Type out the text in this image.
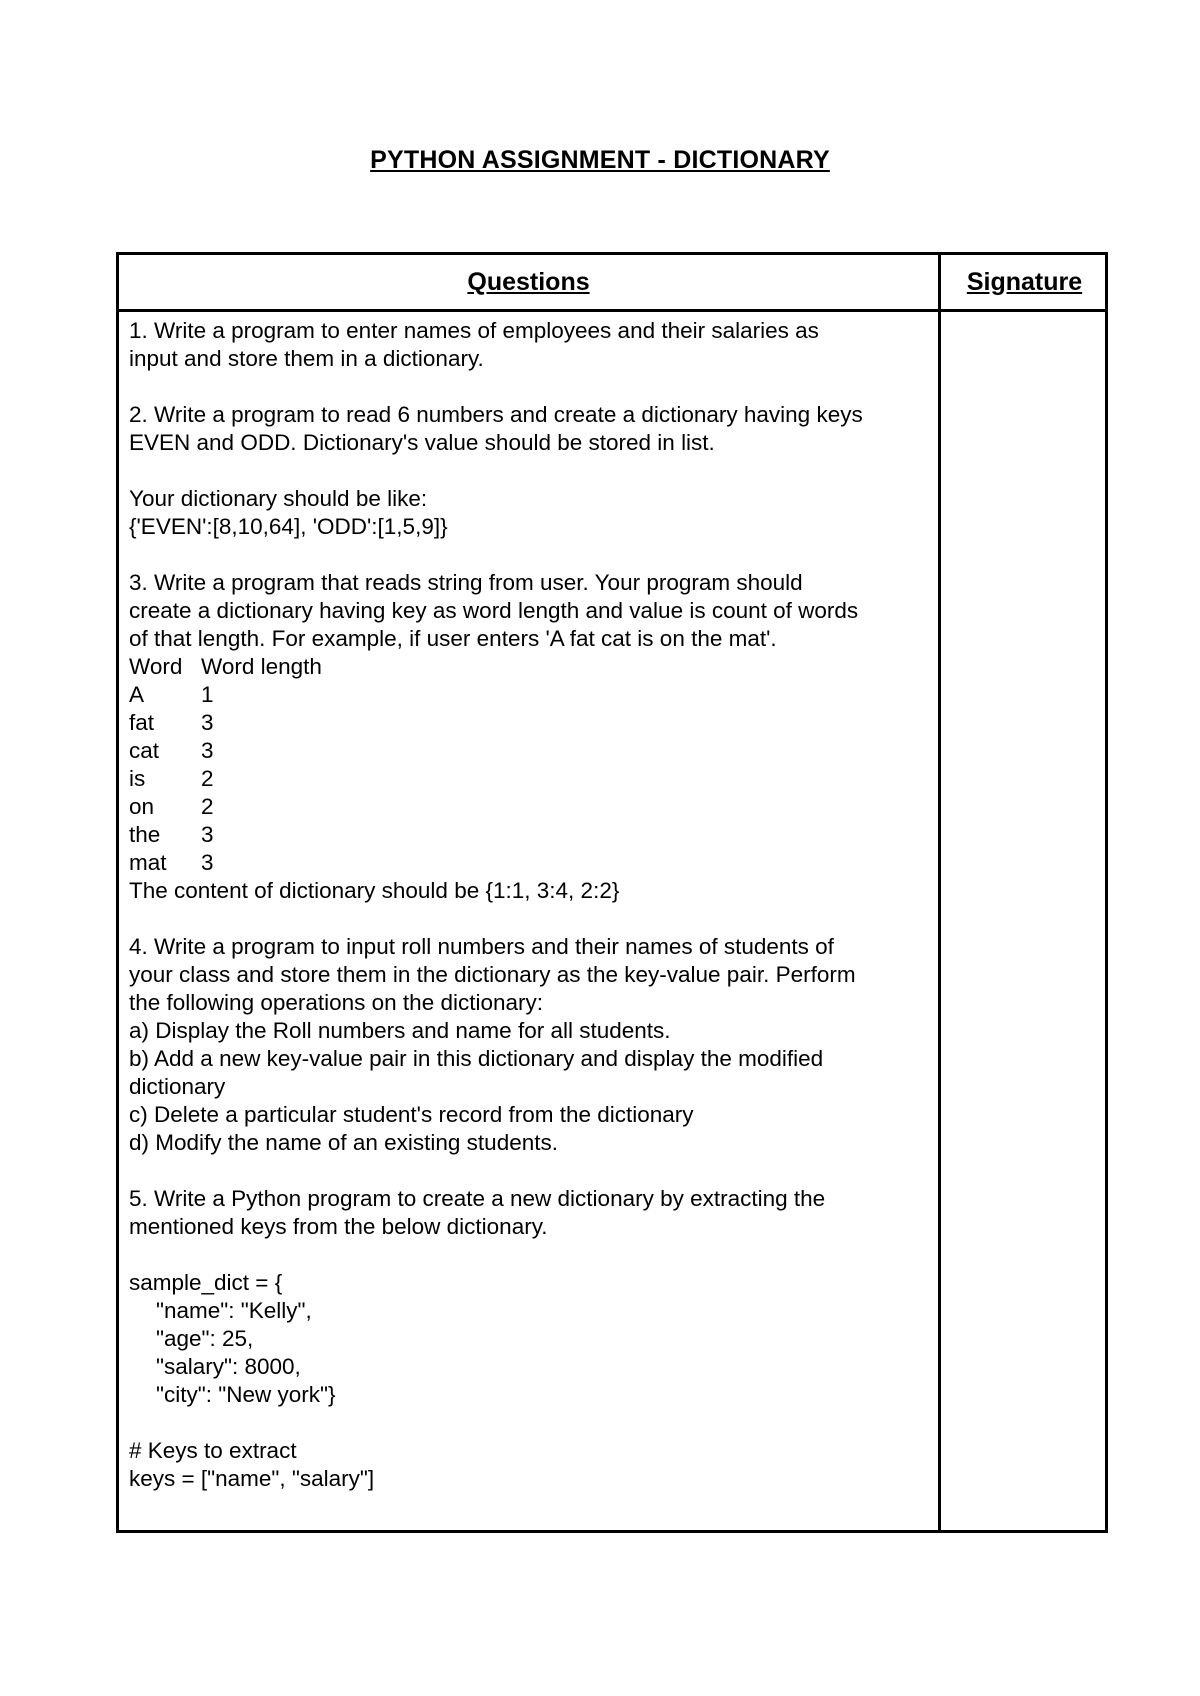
PYTHON ASSIGNMENT - DICTIONARY
Questions	Signature
1. Write a program to enter names of employees and their salaries as
input and store them in a dictionary.
2. Write a program to read 6 numbers and create a dictionary having keys
EVEN and ODD. Dictionary's value should be stored in list.
Your dictionary should be like:
{'EVEN':[8,10,64], 'ODD':[1,5,9]}
3. Write a program that reads string from user. Your program should
create a dictionary having key as word length and value is count of words
of that length. For example, if user enters 'A fat cat is on the mat'.
Word Word length
A	1
fat	3
cat	3
is	2
on	2
the	3
mat	3
The content of dictionary should be {1:1, 3:4, 2:2}
4. Write a program to input roll numbers and their names of students of
your class and store them in the dictionary as the key-value pair. Perform
the following operations on the dictionary:
a) Display the Roll numbers and name for all students.
b) Add a new key-value pair in this dictionary and display the modified
dictionary
c) Delete a particular student's record from the dictionary
d) Modify the name of an existing students.
5. Write a Python program to create a new dictionary by extracting the
mentioned keys from the below dictionary.
sample_dict = {
"name": "Kelly",
"age": 25,
"salary": 8000,
"city": "New york"}
# Keys to extract
keys = ["name", "salary"]
